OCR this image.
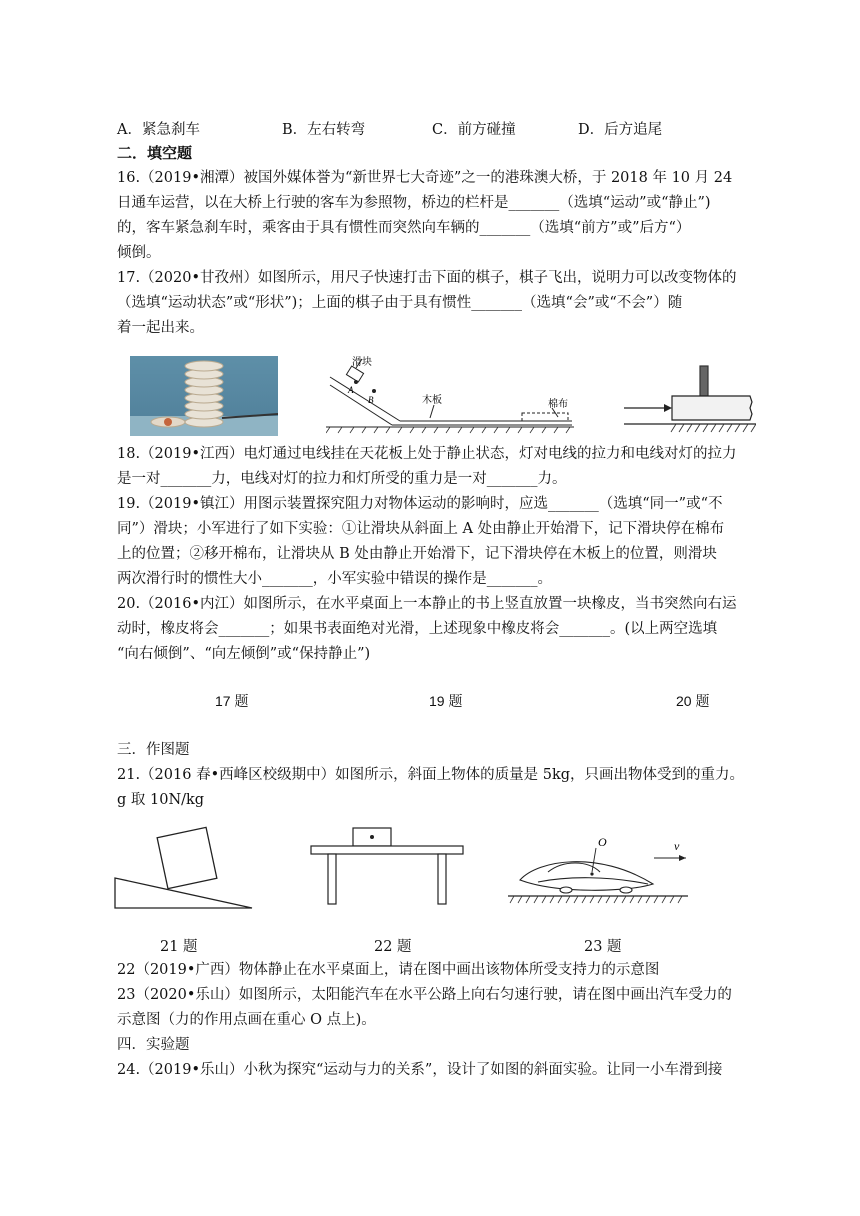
A．紧急刹车	B．左右转弯	C．前方碰撞	D．后方追尾
二．填空题
16.（2019•湘潭）被国外媒体誉为“新世界七大奇迹”之一的港珠澳大桥，于 2018 年 10 月 24
日通车运营，以在大桥上行驶的客车为参照物，桥边的栏杆是_______（选填“运动”或“静止”)
的，客车紧急刹车时，乘客由于具有惯性而突然向车辆的_______（选填“前方”或”后方“）
倾倒。
17.（2020•甘孜州）如图所示，用尺子快速打击下面的棋子，棋子飞出，说明力可以改变物体的
（选填“运动状态”或“形状”)；上面的棋子由于具有惯性_______（选填“会”或“不会”）随
着一起出来。
滑块
A
B	木板	棉布
18.（2019•江西）电灯通过电线挂在天花板上处于静止状态，灯对电线的拉力和电线对灯的拉力
是一对_______力，电线对灯的拉力和灯所受的重力是一对_______力。
19.（2019•镇江）用图示装置探究阻力对物体运动的影响时，应选_______（选填“同一”或“不
同”）滑块；小军进行了如下实验：①让滑块从斜面上 A 处由静止开始滑下，记下滑块停在棉布
上的位置；②移开棉布，让滑块从 B 处由静止开始滑下，记下滑块停在木板上的位置，则滑块
两次滑行时的惯性大小_______，小军实验中错误的操作是_______。
20.（2016•内江）如图所示，在水平桌面上一本静止的书上竖直放置一块橡皮，当书突然向右运
动时，橡皮将会_______；如果书表面绝对光滑，上述现象中橡皮将会_______。(以上两空选填
“向右倾倒”、“向左倾倒”或“保持静止”)
17 题	19 题	20 题
三．作图题
21.（2016 春•西峰区校级期中）如图所示，斜面上物体的质量是 5kg，只画出物体受到的重力。
g 取 10N/kg
O	v
21 题	22 题	23 题
22（2019•广西）物体静止在水平桌面上，请在图中画出该物体所受支持力的示意图
23（2020•乐山）如图所示，太阳能汽车在水平公路上向右匀速行驶，请在图中画出汽车受力的
示意图（力的作用点画在重心 O 点上)。
四．实验题
24.（2019•乐山）小秋为探究“运动与力的关系”，设计了如图的斜面实验。让同一小车滑到接
